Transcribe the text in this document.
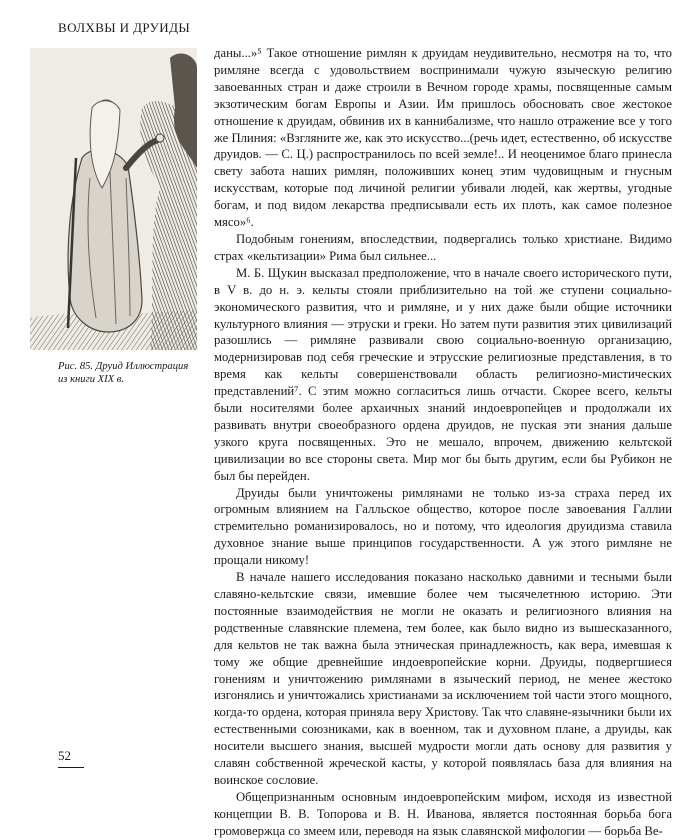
ВОЛХВЫ И ДРУИДЫ
Рис. 85. Друид Иллюстрация из книги XIX в.

даны...»⁵ Такое отношение римлян к друидам неудивительно, несмотря на то, что римляне всегда с удовольствием воспринимали чужую языческую религию завоеванных стран и даже строили в Вечном городе храмы, посвященные самым экзотическим богам Европы и Азии. Им пришлось обосновать свое жестокое отношение к друидам, обвинив их в каннибализме, что нашло отражение все у того же Плиния: «Взгляните же, как это искусство...(речь идет, естественно, об искусстве друидов. — С. Ц.) распространилось по всей земле!.. И неоценимое благо принесла свету забота наших римлян, положивших конец этим чудовищным и гнусным искусствам, которые под личиной религии убивали людей, как жертвы, угодные богам, и под видом лекарства предписывали есть их плоть, как самое полезное мясо»⁶.

Подобным гонениям, впоследствии, подвергались только христиане. Видимо страх «кельтизации» Рима был сильнее...

М. Б. Щукин высказал предположение, что в начале своего исторического пути, в V в. до н. э. кельты стояли приблизительно на той же ступени социально-экономического развития, что и римляне, и у них даже были общие источники культурного влияния — этруски и греки. Но затем пути развития этих цивилизаций разошлись — римляне развивали свою социально-военную организацию, модернизировав под себя греческие и этрусские религиозные представления, в то время как кельты совершенствовали область религиозно-мистических представлений⁷. С этим можно согласиться лишь отчасти. Скорее всего, кельты были носителями более архаичных знаний индоевропейцев и продолжали их развивать внутри своеобразного ордена друидов, не пуская эти знания дальше узкого круга посвященных. Это не мешало, впрочем, движению кельтской цивилизации во все стороны света. Мир мог бы быть другим, если бы Рубикон не был бы перейден.

Друиды были уничтожены римлянами не только из-за страха перед их огромным влиянием на Галльское общество, которое после завоевания Галлии стремительно романизировалось, но и потому, что идеология друидизма ставила духовное знание выше принципов государственности. А уж этого римляне не прощали никому!

В начале нашего исследования показано насколько давними и тесными были славяно-кельтские связи, имевшие более чем тысячелетнюю историю. Эти постоянные взаимодействия не могли не оказать и религиозного влияния на родственные славянские племена, тем более, как было видно из вышесказанного, для кельтов не так важна была этническая принадлежность, как вера, имевшая к тому же общие древнейшие индоевропейские корни. Друиды, подвергшиеся гонениям и уничтожению римлянами в языческий период, не менее жестоко изгонялись и уничтожались христианами за исключением той части этого мощного, когда-то ордена, которая приняла веру Христову. Так что славяне-язычники были их естественными союзниками, как в военном, так и духовном плане, а друиды, как носители высшего знания, высшей мудрости могли дать основу для развития у славян собственной жреческой касты, у которой появлялась база для влияния на воинское сословие.

Общепризнанным основным индоевропейским мифом, исходя из известной концепции В. В. Топорова и В. Н. Иванова, является постоянная борьба бога громовержца со змеем или, переводя на язык славянской мифологии — борьба Ве-

52
